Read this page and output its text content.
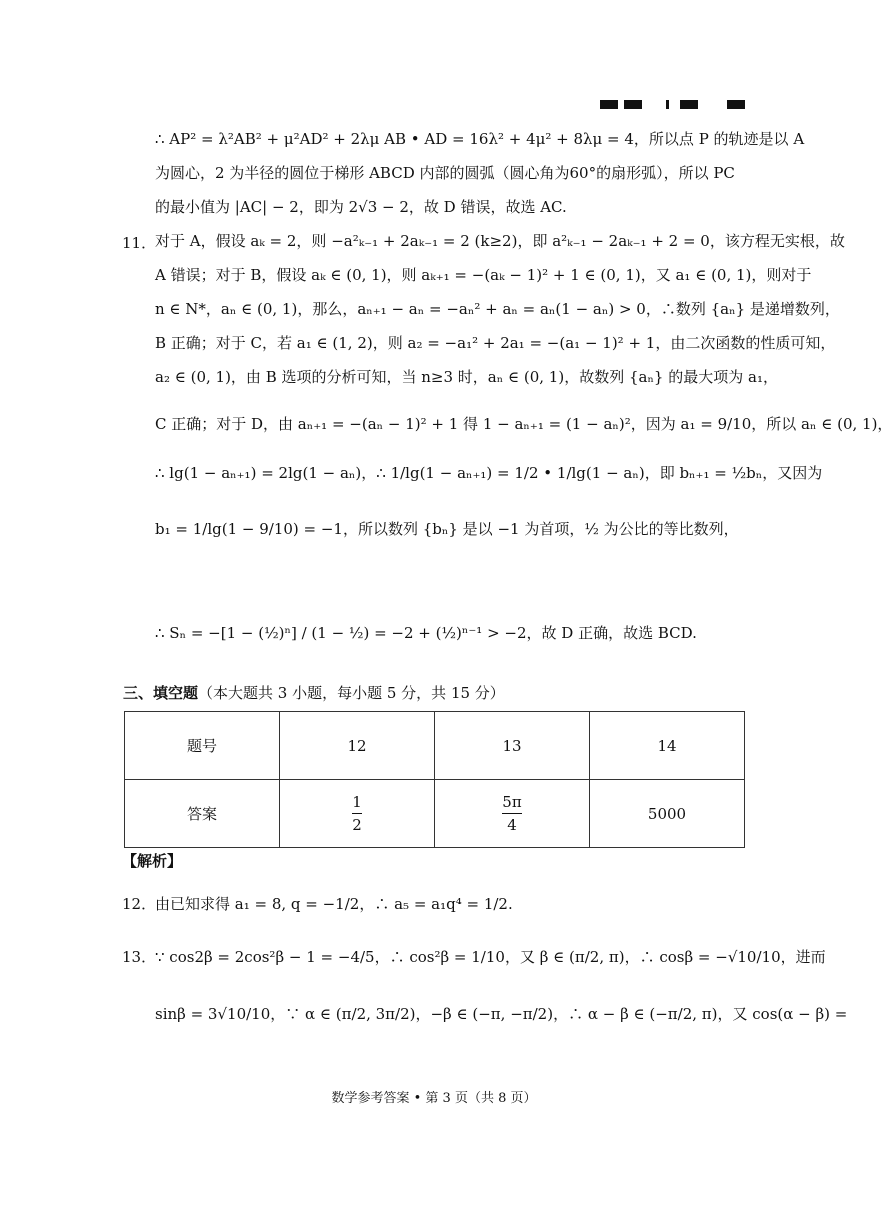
∴ AP² = λ²AB² + μ²AD² + 2λμ AB • AD = 16λ² + 4μ² + 8λμ = 4，所以点 P 的轨迹是以 A

为圆心，2 为半径的圆位于梯形 ABCD 内部的圆弧（圆心角为60°的扇形弧），所以 PC

的最小值为 |AC| − 2，即为 2√3 − 2，故 D 错误，故选 AC.

11．

对于 A，假设 aₖ = 2，则 −a²ₖ₋₁ + 2aₖ₋₁ = 2 (k≥2)，即 a²ₖ₋₁ − 2aₖ₋₁ + 2 = 0，该方程无实根，故

A 错误；对于 B，假设 aₖ ∈ (0, 1)，则 aₖ₊₁ = −(aₖ − 1)² + 1 ∈ (0, 1)，又 a₁ ∈ (0, 1)，则对于

n ∈ N*，aₙ ∈ (0, 1)，那么，aₙ₊₁ − aₙ = −aₙ² + aₙ = aₙ(1 − aₙ) > 0，∴数列 {aₙ} 是递增数列，

B 正确；对于 C，若 a₁ ∈ (1, 2)，则 a₂ = −a₁² + 2a₁ = −(a₁ − 1)² + 1，由二次函数的性质可知，

a₂ ∈ (0, 1)，由 B 选项的分析可知，当 n≥3 时，aₙ ∈ (0, 1)，故数列 {aₙ} 的最大项为 a₁，

C 正确；对于 D，由 aₙ₊₁ = −(aₙ − 1)² + 1 得 1 − aₙ₊₁ = (1 − aₙ)²，因为 a₁ = 9/10，所以 aₙ ∈ (0, 1)，
∴ lg(1 − aₙ₊₁) = 2lg(1 − aₙ)，∴ 1/lg(1 − aₙ₊₁) = 1/2 • 1/lg(1 − aₙ)，即 bₙ₊₁ = ½bₙ，又因为
b₁ = 1/lg(1 − 9/10) = −1，所以数列 {bₙ} 是以 −1 为首项，½ 为公比的等比数列，
∴ Sₙ = −[1 − (½)ⁿ] / (1 − ½) = −2 + (½)ⁿ⁻¹ > −2，故 D 正确，故选 BCD.
三、填空题（本大题共 3 小题，每小题 5 分，共 15 分）
题号	12	13	14
答案	$\frac{1}{2}$	$\frac{5\pi}{4}$	5000
【解析】
12．
由已知求得 a₁ = 8, q = −1/2，∴ a₅ = a₁q⁴ = 1/2.
13．
∵ cos2β = 2cos²β − 1 = −4/5，∴ cos²β = 1/10，又 β ∈ (π/2, π)，∴ cosβ = −√10/10，进而
sinβ = 3√10/10，∵ α ∈ (π/2, 3π/2)，−β ∈ (−π, −π/2)，∴ α − β ∈ (−π/2, π)，又 cos(α − β) =
数学参考答案 • 第 3 页（共 8 页）
